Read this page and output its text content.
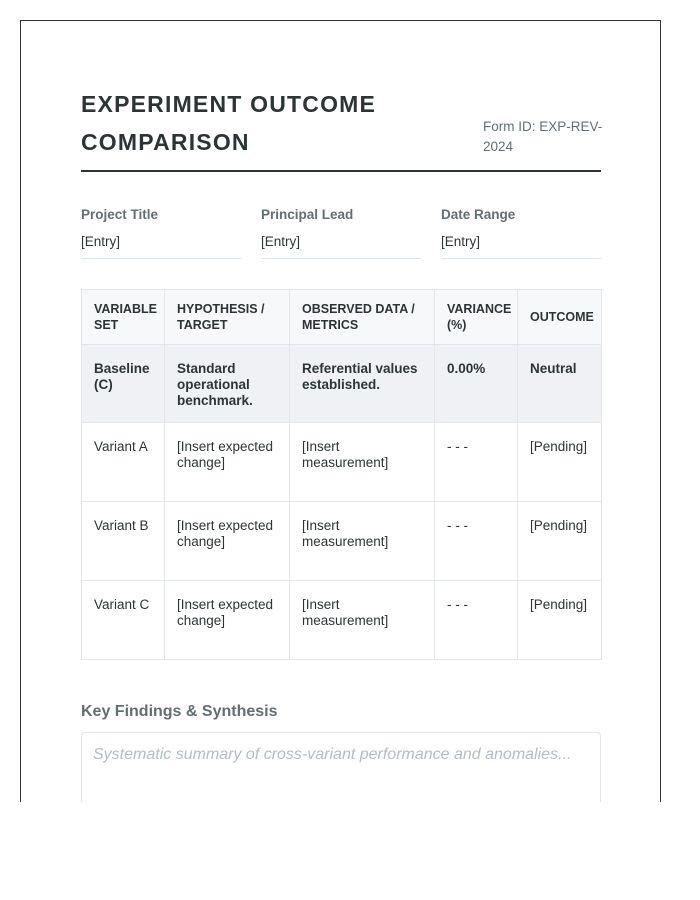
EXPERIMENT OUTCOME COMPARISON
Form ID: EXP-REV-2024
Project Title
[Entry]
Principal Lead
[Entry]
Date Range
[Entry]
VARIABLE SET	HYPOTHESIS / TARGET	OBSERVED DATA / METRICS	VARIANCE (%)	OUTCOME
Baseline (C)	Standard operational benchmark.	Referential values established.	0.00%	Neutral
Variant A	[Insert expected change]	[Insert measurement]	- - -	[Pending]
Variant B	[Insert expected change]	[Insert measurement]	- - -	[Pending]
Variant C	[Insert expected change]	[Insert measurement]	- - -	[Pending]
Key Findings & Synthesis
Systematic summary of cross-variant performance and anomalies...
